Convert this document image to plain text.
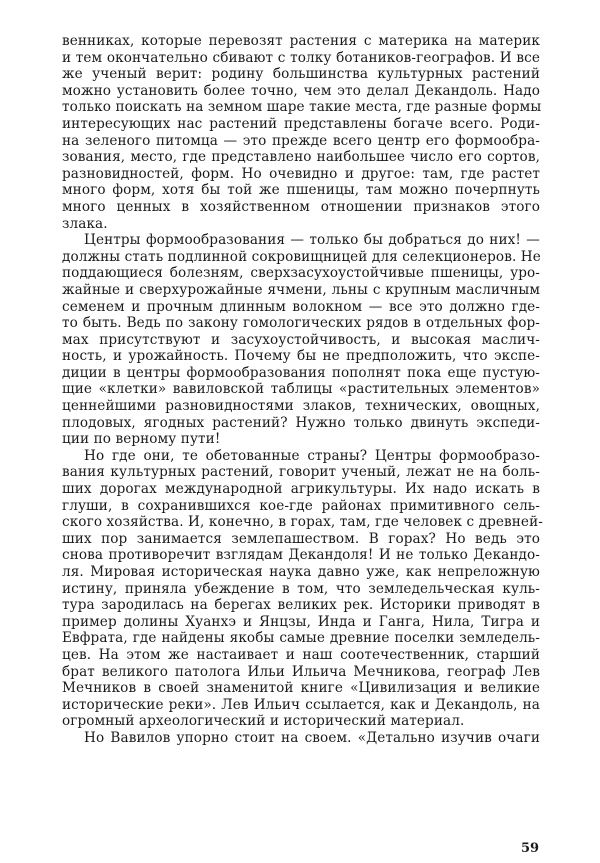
венниках, которые перевозят растения с материка на материк
и тем окончательно сбивают с толку ботаников-географов. И все
же ученый верит: родину большинства культурных растений
можно установить более точно, чем это делал Декандоль. Надо
только поискать на земном шаре такие места, где разные формы
интересующих нас растений представлены богаче всего. Роди-
на зеленого питомца — это прежде всего центр его формообра-
зования, место, где представлено наибольшее число его сортов,
разновидностей, форм. Но очевидно и другое: там, где растет
много форм, хотя бы той же пшеницы, там можно почерпнуть
много ценных в хозяйственном отношении признаков этого
злака.
Центры формообразования — только бы добраться до них! —
должны стать подлинной сокровищницей для селекционеров. Не
поддающиеся болезням, сверхзасухоустойчивые пшеницы, уро-
жайные и сверхурожайные ячмени, льны с крупным масличным
семенем и прочным длинным волокном — все это должно где-
то быть. Ведь по закону гомологических рядов в отдельных фор-
мах присутствуют и засухоустойчивость, и высокая маслич-
ность, и урожайность. Почему бы не предположить, что экспе-
диции в центры формообразования пополнят пока еще пустую-
щие «клетки» вавиловской таблицы «растительных элементов»
ценнейшими разновидностями злаков, технических, овощных,
плодовых, ягодных растений? Нужно только двинуть экспеди-
ции по верному пути!
Но где они, те обетованные страны? Центры формообразо-
вания культурных растений, говорит ученый, лежат не на боль-
ших дорогах международной агрикультуры. Их надо искать в
глуши, в сохранившихся кое-где районах примитивного сель-
ского хозяйства. И, конечно, в горах, там, где человек с древней-
ших пор занимается землепашеством. В горах? Но ведь это
снова противоречит взглядам Декандоля! И не только Декандо-
ля. Мировая историческая наука давно уже, как непреложную
истину, приняла убеждение в том, что земледельческая куль-
тура зародилась на берегах великих рек. Историки приводят в
пример долины Хуанхэ и Янцзы, Инда и Ганга, Нила, Тигра и
Евфрата, где найдены якобы самые древние поселки земледель-
цев. На этом же настаивает и наш соотечественник, старший
брат великого патолога Ильи Ильича Мечникова, географ Лев
Мечников в своей знаменитой книге «Цивилизация и великие
исторические реки». Лев Ильич ссылается, как и Декандоль, на
огромный археологический и исторический материал.
Но Вавилов упорно стоит на своем. «Детально изучив очаги
59
